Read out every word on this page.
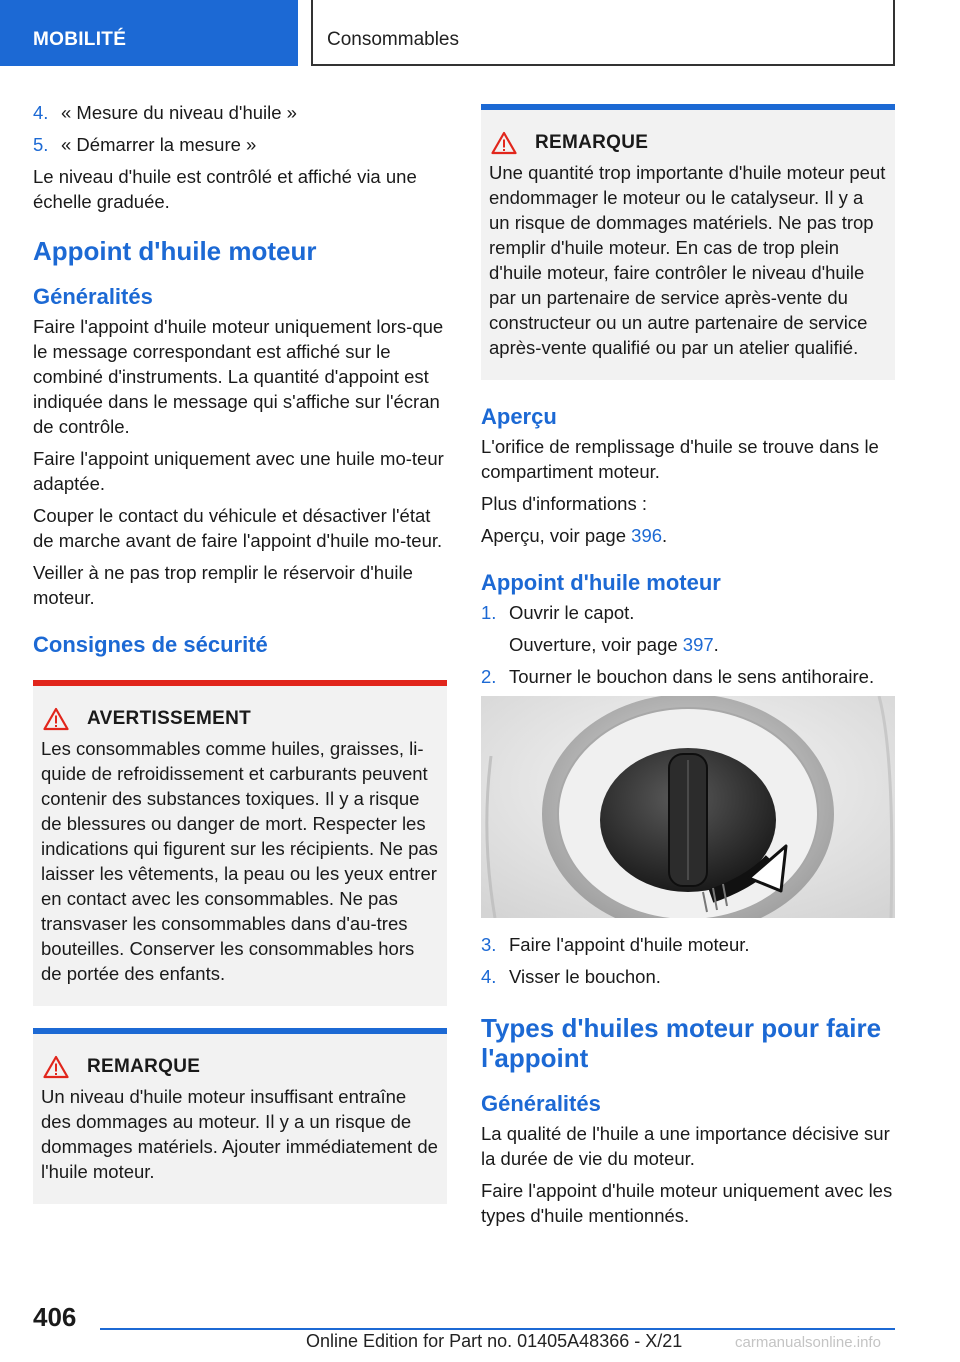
MOBILITÉ	Consommables
4. « Mesure du niveau d'huile »
5. « Démarrer la mesure »

Le niveau d'huile est contrôlé et affiché via une échelle graduée.

Appoint d'huile moteur
Généralités

Faire l'appoint d'huile moteur uniquement lors-que le message correspondant est affiché sur le combiné d'instruments. La quantité d'appoint est indiquée dans le message qui s'affiche sur l'écran de contrôle.

Faire l'appoint uniquement avec une huile mo-teur adaptée.

Couper le contact du véhicule et désactiver l'état de marche avant de faire l'appoint d'huile mo-teur.

Veiller à ne pas trop remplir le réservoir d'huile moteur.

Consignes de sécurité
AVERTISSEMENT

Les consommables comme huiles, graisses, li-quide de refroidissement et carburants peuvent contenir des substances toxiques. Il y a risque de blessures ou danger de mort. Respecter les indications qui figurent sur les récipients. Ne pas laisser les vêtements, la peau ou les yeux entrer en contact avec les consommables. Ne pas transvaser les consommables dans d'au-tres bouteilles. Conserver les consommables hors de portée des enfants.

REMARQUE

Un niveau d'huile moteur insuffisant entraîne des dommages au moteur. Il y a un risque de dommages matériels. Ajouter immédiatement de l'huile moteur.

REMARQUE

Une quantité trop importante d'huile moteur peut endommager le moteur ou le catalyseur. Il y a un risque de dommages matériels. Ne pas trop remplir d'huile moteur. En cas de trop plein d'huile moteur, faire contrôler le niveau d'huile par un partenaire de service après-vente du constructeur ou un autre partenaire de service après-vente qualifié ou par un atelier qualifié.

Aperçu

L'orifice de remplissage d'huile se trouve dans le compartiment moteur.

Plus d'informations :

Aperçu, voir page 396.

Appoint d'huile moteur
1. Ouvrir le capot.
Ouverture, voir page 397.
2. Tourner le bouchon dans le sens antihoraire.
3. Faire l'appoint d'huile moteur.
4. Visser le bouchon.
Types d'huiles moteur pour faire l'appoint
Généralités

La qualité de l'huile a une importance décisive sur la durée de vie du moteur.

Faire l'appoint d'huile moteur uniquement avec les types d'huile mentionnés.

406
Online Edition for Part no. 01405A48366 - X/21	carmanualsonline.info
